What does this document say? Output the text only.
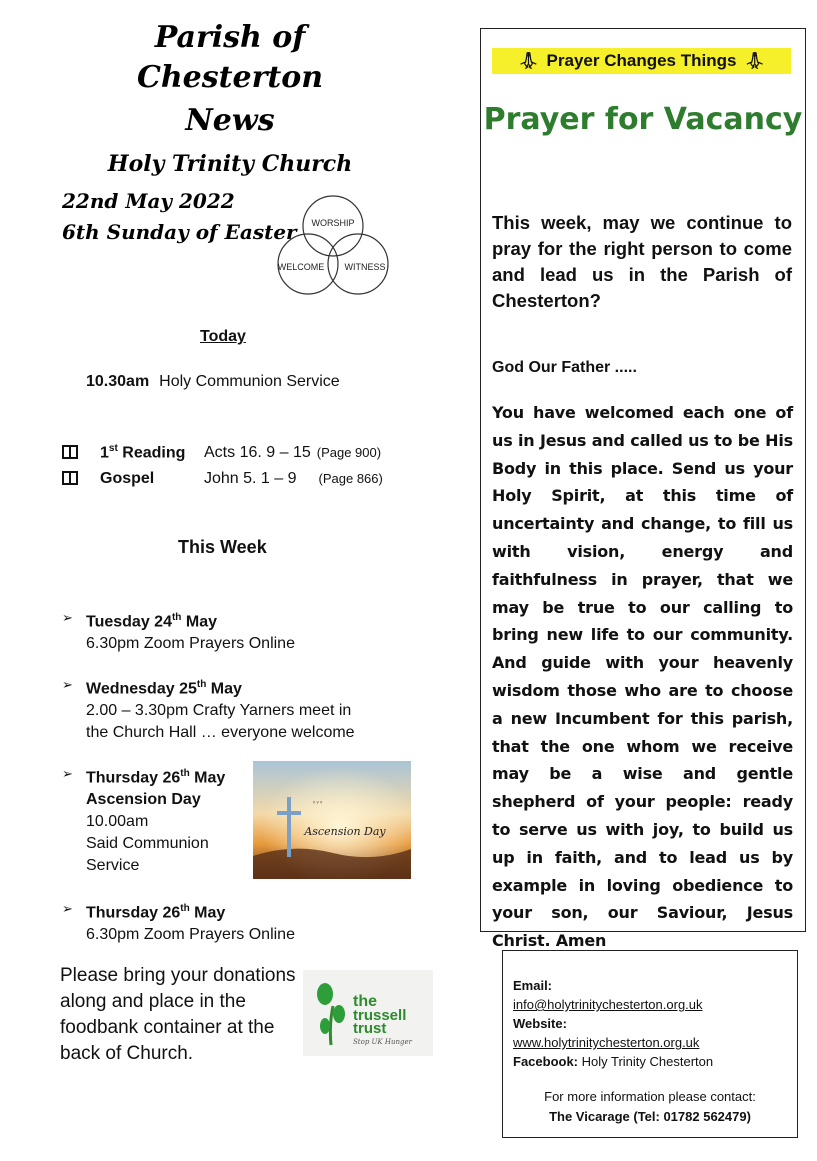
Parish of Chesterton
News
Holy Trinity Church
22nd May 2022
6th Sunday of Easter WORSHIP
WELCOME WITNESS
Today
10.30am Holy Communion Service
1st Reading	Acts 16. 9 – 15 (Page 900)
Gospel	John 5. 1 – 9 (Page 866)
This Week
➢ Tuesday 24th May
6.30pm Zoom Prayers Online
➢ Wednesday 25th May
2.00 – 3.30pm Crafty Yarners meet in
the Church Hall … everyone welcome
➢ Thursday 26th May
Ascension Day
10.00am
Said Communion
Service
➢ Thursday 26th May
6.30pm Zoom Prayers Online
ᵛ ᵛ ᵛ
Ascension Day
Please bring your donations along and place in the foodbank container at the back of Church.
the
trussell
trust
Stop UK Hunger
🙏︎ Prayer Changes Things 🙏︎
Prayer for Vacancy
This week, may we continue to pray for the right person to come and lead us in the Parish of Chesterton?
God Our Father .....
You have welcomed each one of us in Jesus and called us to be His Body in this place. Send us your Holy Spirit, at this time of uncertainty and change, to fill us with vision, energy and faithfulness in prayer, that we may be true to our calling to bring new life to our community. And guide with your heavenly wisdom those who are to choose a new Incumbent for this parish, that the one whom we receive may be a wise and gentle shepherd of your people: ready to serve us with joy, to build us up in faith, and to lead us by example in loving obedience to your son, our Saviour, Jesus Christ. Amen
Email:
info@holytrinitychesterton.org.uk
Website:
www.holytrinitychesterton.org.uk
Facebook: Holy Trinity Chesterton
For more information please contact:
The Vicarage (Tel: 01782 562479)
